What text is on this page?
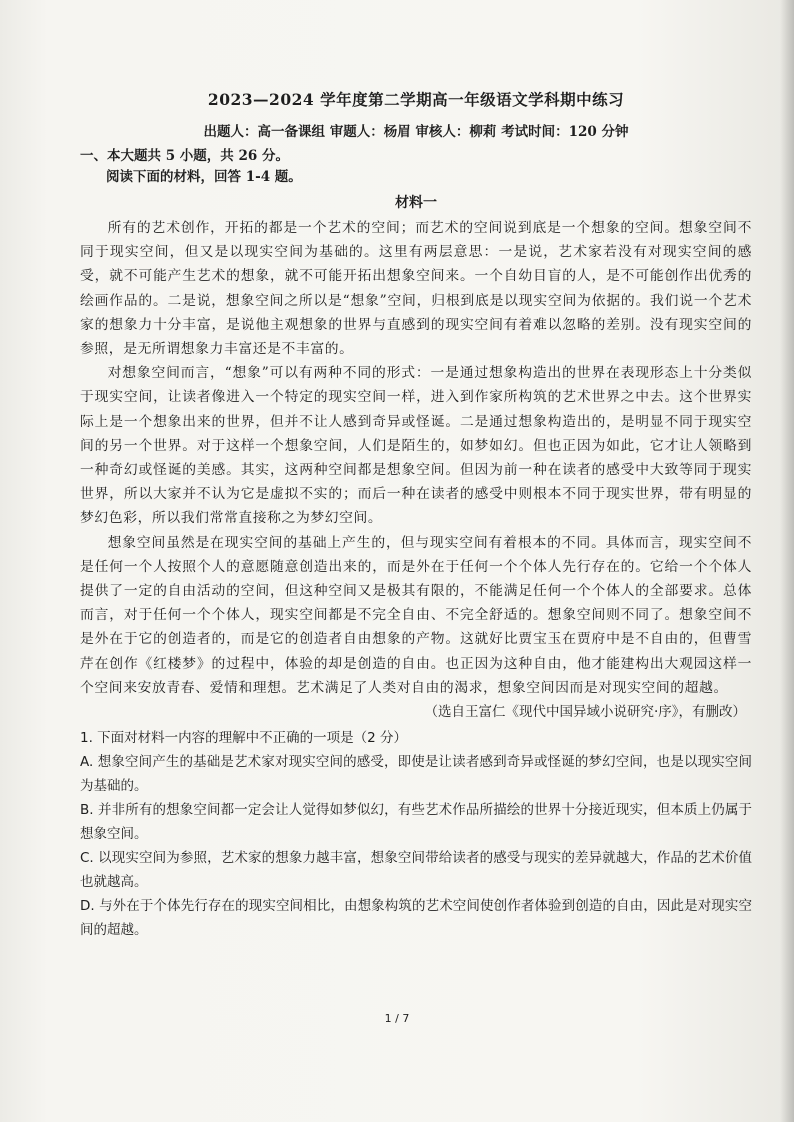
2023—2024 学年度第二学期高一年级语文学科期中练习
出题人：高一备课组 审题人：杨眉 审核人：柳莉 考试时间：120 分钟

一、本大题共 5 小题，共 26 分。

阅读下面的材料，回答 1-4 题。

材料一

所有的艺术创作，开拓的都是一个艺术的空间；而艺术的空间说到底是一个想象的空间。想象空间不同于现实空间，但又是以现实空间为基础的。这里有两层意思：一是说，艺术家若没有对现实空间的感受，就不可能产生艺术的想象，就不可能开拓出想象空间来。一个自幼目盲的人，是不可能创作出优秀的绘画作品的。二是说，想象空间之所以是“想象”空间，归根到底是以现实空间为依据的。我们说一个艺术家的想象力十分丰富，是说他主观想象的世界与直感到的现实空间有着难以忽略的差别。没有现实空间的参照，是无所谓想象力丰富还是不丰富的。

对想象空间而言，“想象”可以有两种不同的形式：一是通过想象构造出的世界在表现形态上十分类似于现实空间，让读者像进入一个特定的现实空间一样，进入到作家所构筑的艺术世界之中去。这个世界实际上是一个想象出来的世界，但并不让人感到奇异或怪诞。二是通过想象构造出的，是明显不同于现实空间的另一个世界。对于这样一个想象空间，人们是陌生的，如梦如幻。但也正因为如此，它才让人领略到一种奇幻或怪诞的美感。其实，这两种空间都是想象空间。但因为前一种在读者的感受中大致等同于现实世界，所以大家并不认为它是虚拟不实的；而后一种在读者的感受中则根本不同于现实世界，带有明显的梦幻色彩，所以我们常常直接称之为梦幻空间。

想象空间虽然是在现实空间的基础上产生的，但与现实空间有着根本的不同。具体而言，现实空间不是任何一个人按照个人的意愿随意创造出来的，而是外在于任何一个个体人先行存在的。它给一个个体人提供了一定的自由活动的空间，但这种空间又是极其有限的，不能满足任何一个个体人的全部要求。总体而言，对于任何一个个体人，现实空间都是不完全自由、不完全舒适的。想象空间则不同了。想象空间不是外在于它的创造者的，而是它的创造者自由想象的产物。这就好比贾宝玉在贾府中是不自由的，但曹雪芹在创作《红楼梦》的过程中，体验的却是创造的自由。也正因为这种自由，他才能建构出大观园这样一个空间来安放青春、爱情和理想。艺术满足了人类对自由的渴求，想象空间因而是对现实空间的超越。

（选自王富仁《现代中国异域小说研究·序》，有删改）

1. 下面对材料一内容的理解中不正确的一项是（2 分）

A. 想象空间产生的基础是艺术家对现实空间的感受，即使是让读者感到奇异或怪诞的梦幻空间，也是以现实空间为基础的。

B. 并非所有的想象空间都一定会让人觉得如梦似幻，有些艺术作品所描绘的世界十分接近现实，但本质上仍属于想象空间。

C. 以现实空间为参照，艺术家的想象力越丰富，想象空间带给读者的感受与现实的差异就越大，作品的艺术价值也就越高。

D. 与外在于个体先行存在的现实空间相比，由想象构筑的艺术空间使创作者体验到创造的自由，因此是对现实空间的超越。

1 / 7
